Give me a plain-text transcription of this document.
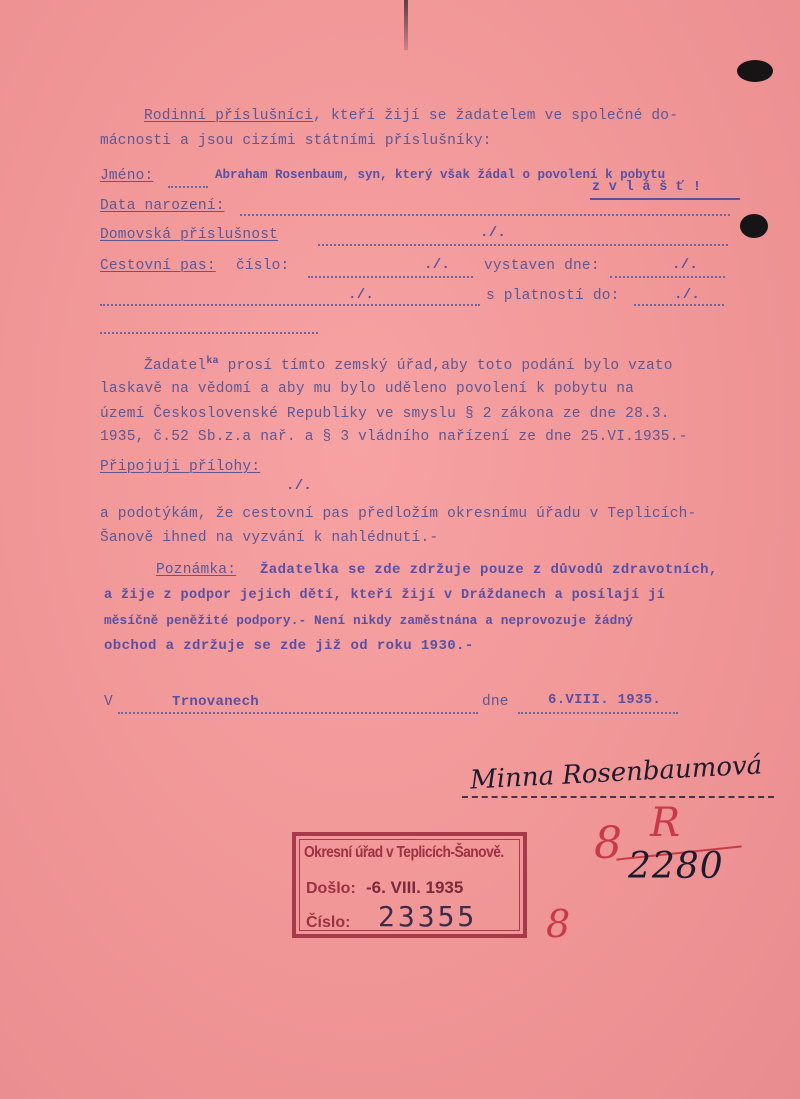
Rodinní příslušníci, kteří žijí se žadatelem ve společné do-
mácnosti a jsou cizími státními příslušníky:
Jméno:	Abraham Rosenbaum, syn, který však žádal o povolení k pobytu
z v l á š ť !
Data narození:
Domovská příslušnost	./.
Cestovní pas: číslo:	./. vystaven dne:	./.
./.	s platností do:	./.
Žadatel$^{ka}$ prosí tímto zemský úřad,aby toto podání bylo vzato
laskavě na vědomí a aby mu bylo uděleno povolení k pobytu na
území Československé Republiky ve smyslu § 2 zákona ze dne 28.3.
1935, č.52 Sb.z.a nař. a § 3 vládního nařízení ze dne 25.VI.1935.-
Připojuji přílohy:
./.
a podotýkám, že cestovní pas předložím okresnímu úřadu v Teplicích-
Šanově ihned na vyzvání k nahlédnutí.-
Poznámka: Žadatelka se zde zdržuje pouze z důvodů zdravotních,
a žije z podpor jejich dětí, kteří žijí v Dráždanech a posílají jí
měsíčně peněžité podpory.- Není nikdy zaměstnána a neprovozuje žádný
obchod a zdržuje se zde již od roku 1930.-
V	Trnovanech	dne	6.VIII. 1935.
Minna Rosenbaumová
Okresní úřad v Teplicích-Šanově.
Došlo: -6. VIII. 1935
Číslo: 23355
8 R
2280
8
